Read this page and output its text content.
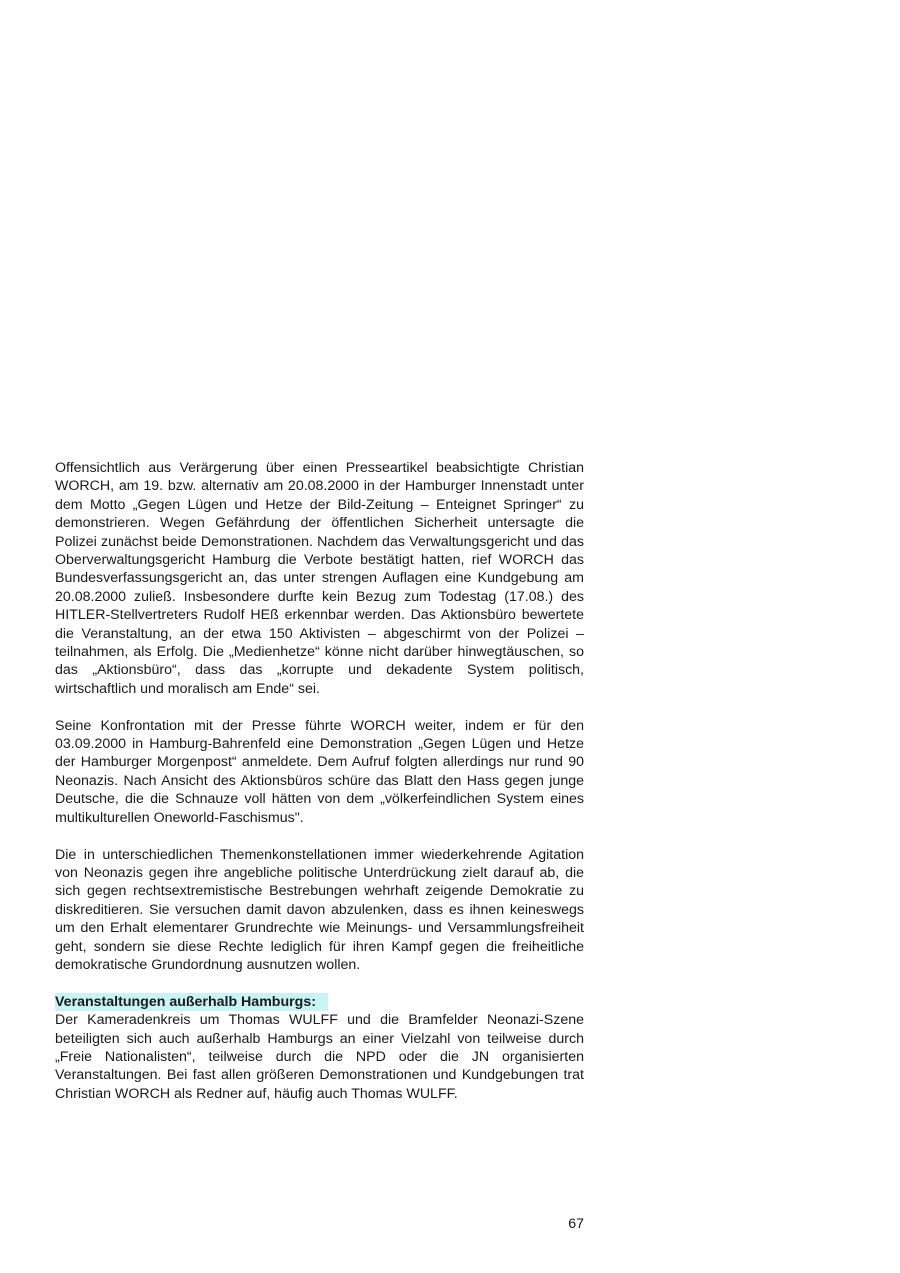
Offensichtlich aus Verärgerung über einen Presseartikel beabsichtigte Christian WORCH, am 19. bzw. alternativ am 20.08.2000 in der Hamburger Innenstadt unter dem Motto „Gegen Lügen und Hetze der Bild-Zeitung – Enteignet Springer“ zu demonstrieren. Wegen Gefährdung der öffentlichen Sicherheit untersagte die Polizei zunächst beide Demonstrationen. Nachdem das Verwaltungsgericht und das Oberverwaltungsgericht Hamburg die Verbote bestätigt hatten, rief WORCH das Bundesverfassungsgericht an, das unter strengen Auflagen eine Kundgebung am 20.08.2000 zuließ. Insbesondere durfte kein Bezug zum Todestag (17.08.) des HITLER-Stellvertreters Rudolf HEß erkennbar werden. Das Aktionsbüro bewertete die Veranstaltung, an der etwa 150 Aktivisten – abgeschirmt von der Polizei – teilnahmen, als Erfolg. Die „Medienhetze“ könne nicht darüber hinwegtäuschen, so das „Aktionsbüro“, dass das „korrupte und dekadente System politisch, wirtschaftlich und moralisch am Ende“ sei.

Seine Konfrontation mit der Presse führte WORCH weiter, indem er für den 03.09.2000 in Hamburg-Bahrenfeld eine Demonstration „Gegen Lügen und Hetze der Hamburger Morgenpost“ anmeldete. Dem Aufruf folgten allerdings nur rund 90 Neonazis. Nach Ansicht des Aktionsbüros schüre das Blatt den Hass gegen junge Deutsche, die die Schnauze voll hätten von dem „völkerfeindlichen System eines multikulturellen Oneworld-Faschismus".

Die in unterschiedlichen Themenkonstellationen immer wiederkehrende Agitation von Neonazis gegen ihre angebliche politische Unterdrückung zielt darauf ab, die sich gegen rechtsextremistische Bestrebungen wehrhaft zeigende Demokratie zu diskreditieren. Sie versuchen damit davon abzulenken, dass es ihnen keineswegs um den Erhalt elementarer Grundrechte wie Meinungs- und Versammlungsfreiheit geht, sondern sie diese Rechte lediglich für ihren Kampf gegen die freiheitliche demokratische Grundordnung ausnutzen wollen.

Veranstaltungen außerhalb Hamburgs:

Der Kameradenkreis um Thomas WULFF und die Bramfelder Neonazi-Szene beteiligten sich auch außerhalb Hamburgs an einer Vielzahl von teilweise durch „Freie Nationalisten“, teilweise durch die NPD oder die JN organisierten Veranstaltungen. Bei fast allen größeren Demonstrationen und Kundgebungen trat Christian WORCH als Redner auf, häufig auch Thomas WULFF.

67
